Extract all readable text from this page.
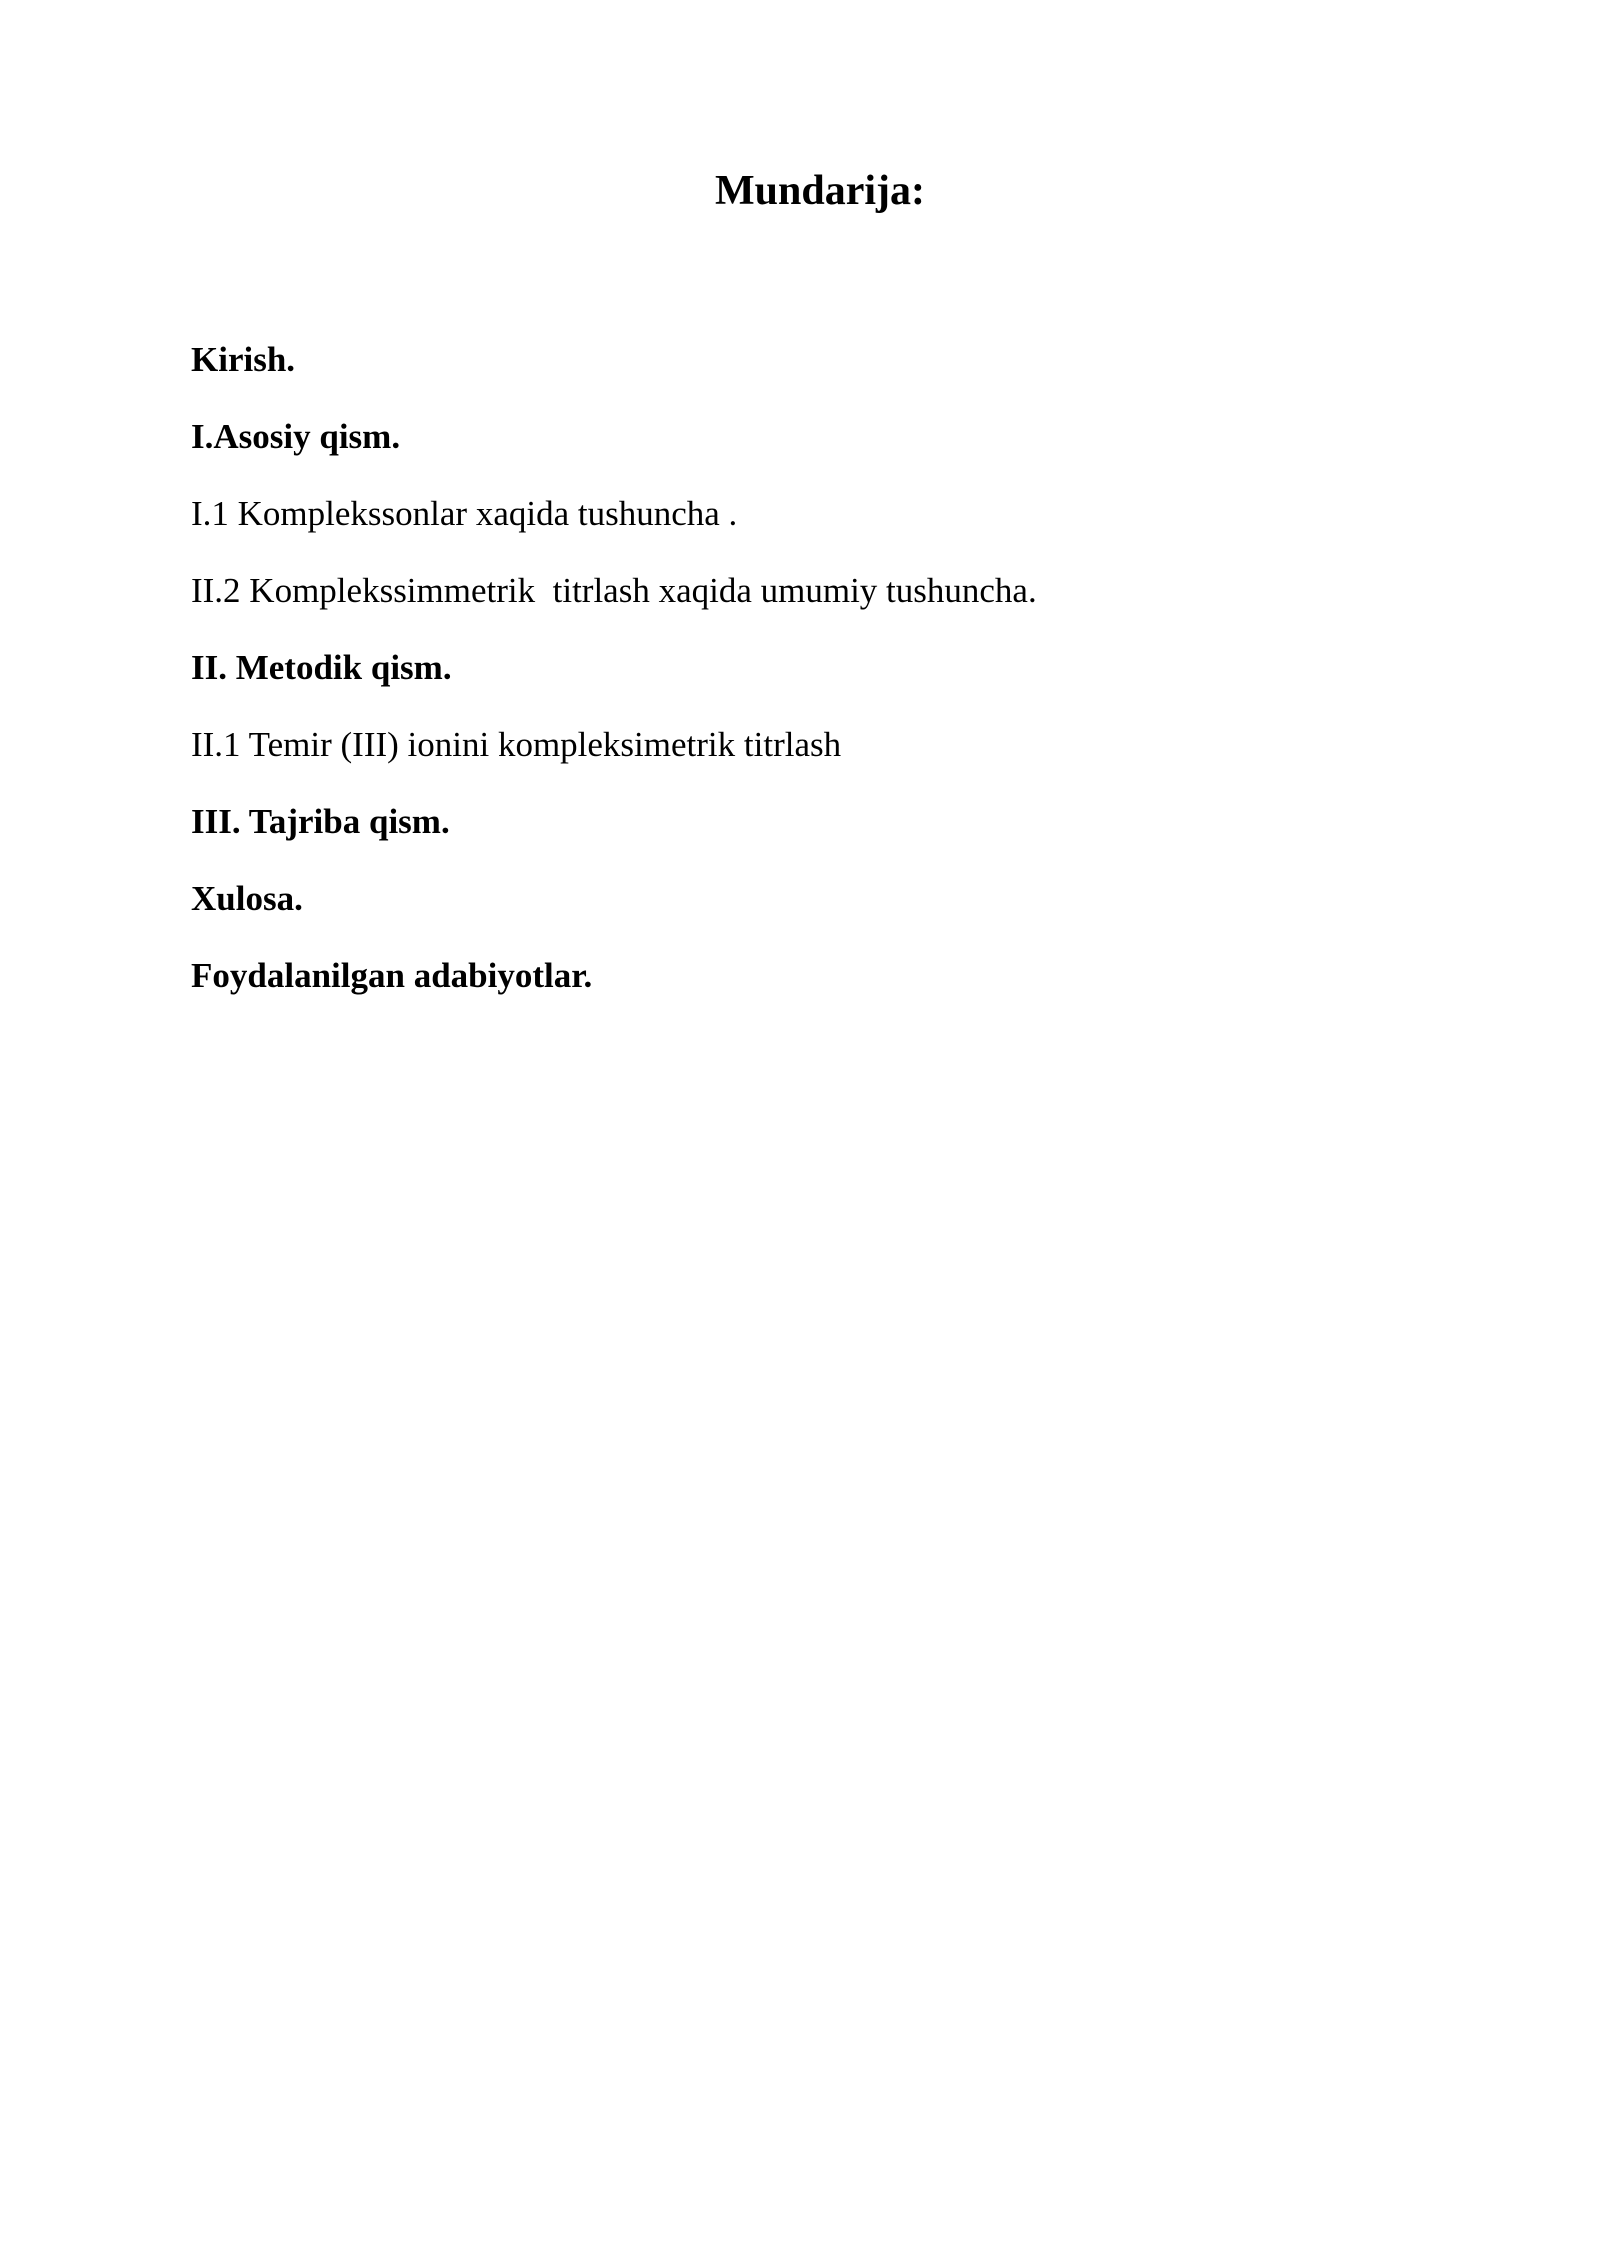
Mundarija:
Kirish.
I.Asosiy qism.
I.1 Komplekssonlar xaqida tushuncha .
II.2 Komplekssimmetrik  titrlash xaqida umumiy tushuncha.
II. Metodik qism.
II.1 Temir (III) ionini kompleksimetrik titrlash
III. Tajriba qism.
Xulosa.
Foydalanilgan adabiyotlar.
